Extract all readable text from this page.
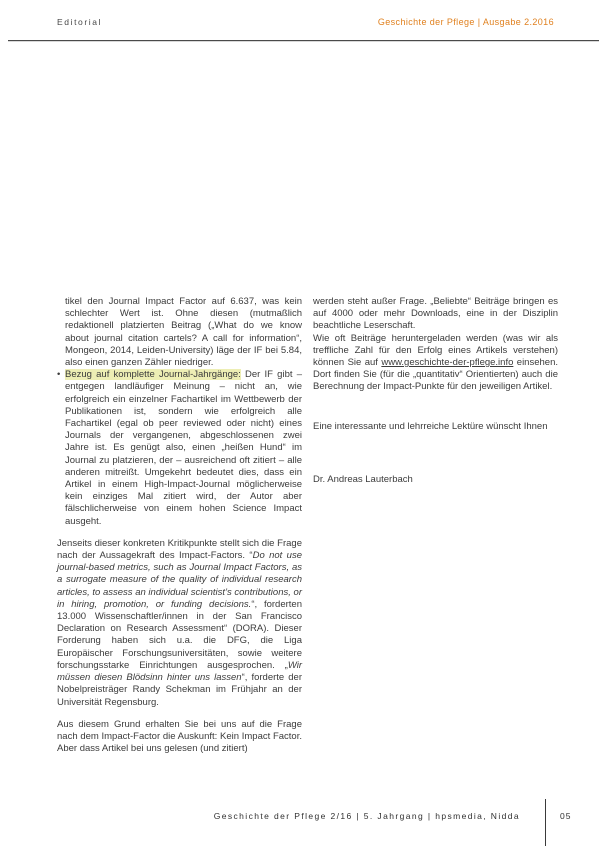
Editorial	Geschichte der Pflege | Ausgabe 2.2016

tikel den Journal Impact Factor auf 6.637, was kein schlechter Wert ist. Ohne diesen (mutmaßlich redaktionell platzierten Beitrag („What do we know about journal citation cartels? A call for information“, Mongeon, 2014, Leiden-University) läge der IF bei 5.84, also einen ganzen Zähler niedriger.

• Bezug auf komplette Journal-Jahrgänge: Der IF gibt – entgegen landläufiger Meinung – nicht an, wie erfolgreich ein einzelner Fachartikel im Wettbewerb der Publikationen ist, sondern wie erfolgreich alle Fachartikel (egal ob peer reviewed oder nicht) eines Journals der vergangenen, abgeschlossenen zwei Jahre ist. Es genügt also, einen „heißen Hund“ im Journal zu platzieren, der – ausreichend oft zitiert – alle anderen mitreißt. Umgekehrt bedeutet dies, dass ein Artikel in einem High-Impact-Journal möglicherweise kein einziges Mal zitiert wird, der Autor aber fälschlicherweise von einem hohen Science Impact ausgeht.

Jenseits dieser konkreten Kritikpunkte stellt sich die Frage nach der Aussagekraft des Impact-Factors. “Do not use journal-based metrics, such as Journal Impact Factors, as a surrogate measure of the quality of individual research articles, to assess an individual scientist’s contributions, or in hiring, promotion, or funding decisions.“, forderten 13.000 Wissenschaftler/innen in der San Francisco Declaration on Research Assessment“ (DORA). Dieser Forderung haben sich u.a. die DFG, die Liga Europäischer Forschungsuniversitäten, sowie weitere forschungsstarke Einrichtungen ausgesprochen. „Wir müssen diesen Blödsinn hinter uns lassen“, forderte der Nobelpreisträger Randy Schekman im Frühjahr an der Universität Regensburg.

Aus diesem Grund erhalten Sie bei uns auf die Frage nach dem Impact-Factor die Auskunft: Kein Impact Factor. Aber dass Artikel bei uns gelesen (und zitiert)

werden steht außer Frage. „Beliebte“ Beiträge bringen es auf 4000 oder mehr Downloads, eine in der Disziplin beachtliche Leserschaft.

Wie oft Beiträge heruntergeladen werden (was wir als treffliche Zahl für den Erfolg eines Artikels verstehen) können Sie auf www.geschichte-der-pflege.info einsehen. Dort finden Sie (für die „quantitativ“ Orientierten) auch die Berechnung der Impact-Punkte für den jeweiligen Artikel.

Eine interessante und lehrreiche Lektüre wünscht Ihnen

Dr. Andreas Lauterbach

Geschichte der Pflege 2/16 | 5. Jahrgang | hpsmedia, Nidda	05
